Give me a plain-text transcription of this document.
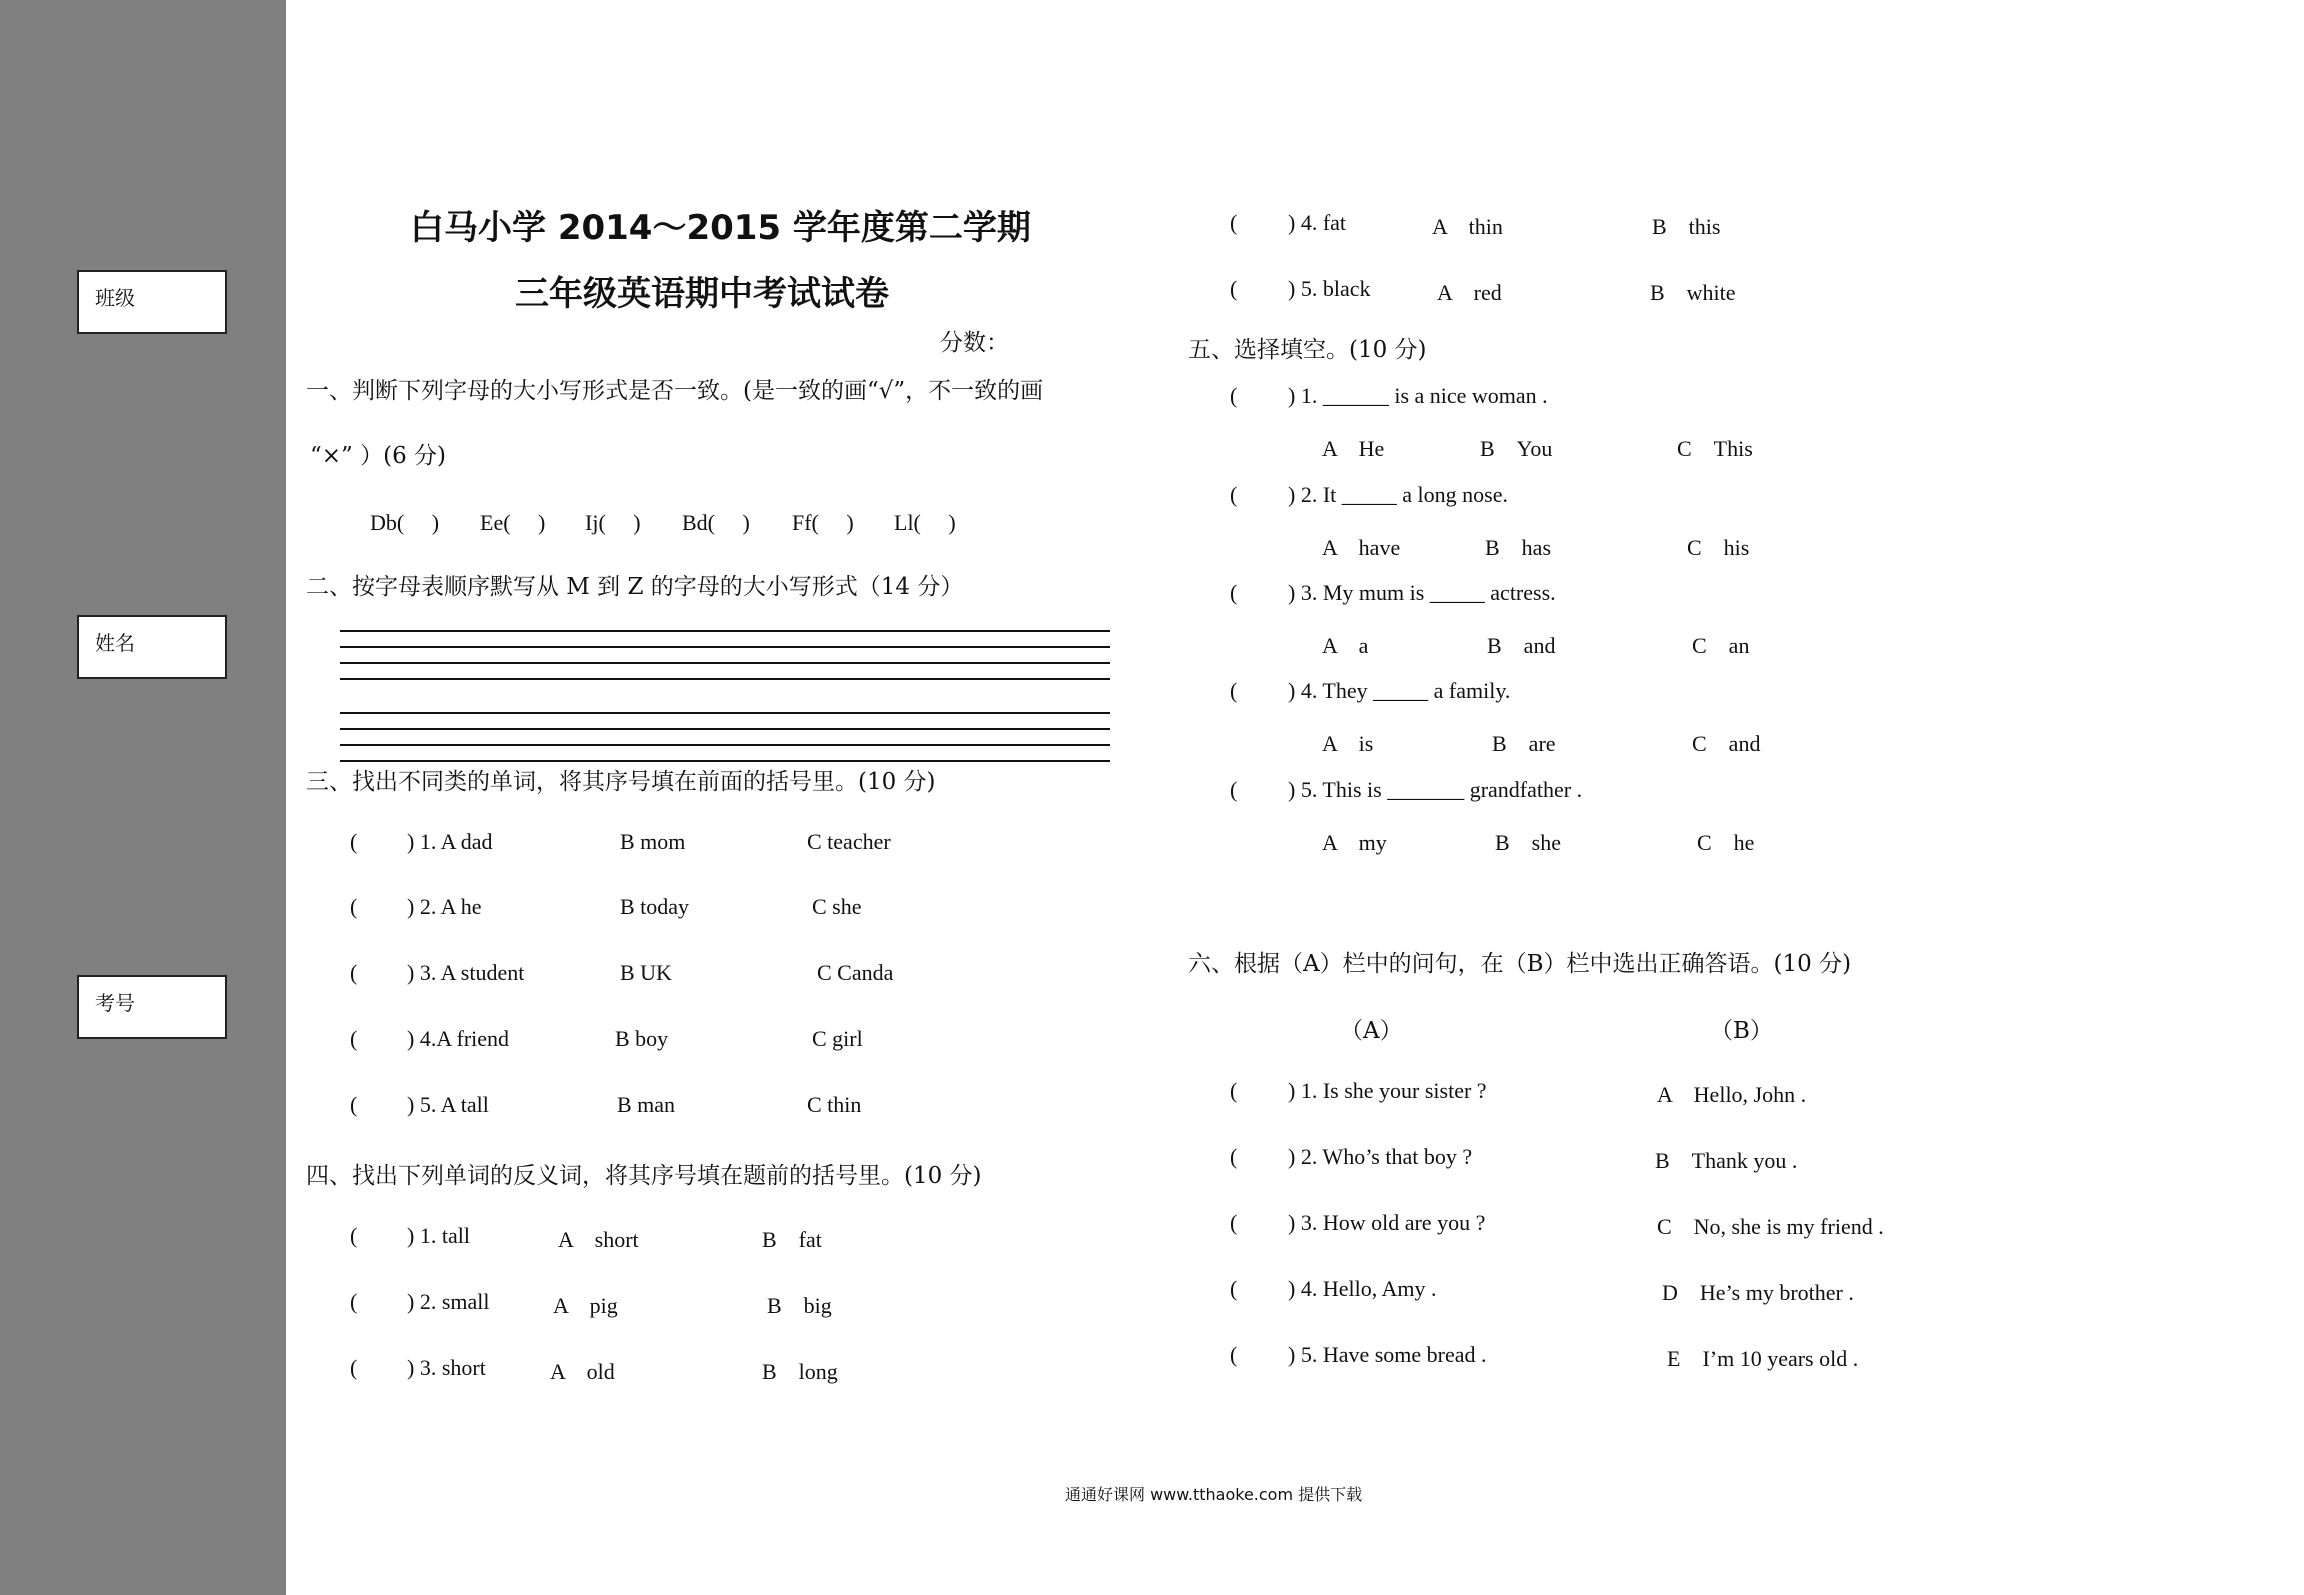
班级
姓名
考号
白马小学 2014～2015 学年度第二学期
三年级英语期中考试试卷
分数：
一、判断下列字母的大小写形式是否一致。(是一致的画“√”，不一致的画
“×” ）(6 分)
Db(　 ) Ee(　 ) Ij(　 ) Bd(　 ) Ff(　 ) Ll(　 )
二、按字母表顺序默写从 M 到 Z 的字母的大小写形式（14 分）
三、找出不同类的单词，将其序号填在前面的括号里。(10 分)
( ) 1. A dad	B mom	C teacher
( ) 2. A he	B today	C she
( ) 3. A student	B UK	C Canda
( ) 4.A friend	B boy	C girl
( ) 5. A tall	B man	C thin
四、找出下列单词的反义词，将其序号填在题前的括号里。(10 分)
( ) 1. tall	A　short	B　fat
( ) 2. small	A　pig	B　big
( ) 3. short	A　old	B　long
( ) 4. fat	A　thin	B　this
( ) 5. black	A　red	B　white
五、选择填空。(10 分)
( ) 1. ______ is a nice woman .
A　He	B　You	C　This
( ) 2. It _____ a long nose.
A　have	B　has	C　his
( ) 3. My mum is _____ actress.
A　a	B　and	C　an
( ) 4. They _____ a family.
A　is	B　are	C　and
( ) 5. This is _______ grandfather .
A　my	B　she	C　he
六、根据（A）栏中的问句，在（B）栏中选出正确答语。(10 分)
（A）	（B）
( ) 1. Is she your sister ?	A　Hello, John .
( ) 2. Who’s that boy ?	B　Thank you .
( ) 3. How old are you ?	C　No, she is my friend .
( ) 4. Hello, Amy .	D　He’s my brother .
( ) 5. Have some bread .	E　I’m 10 years old .
通通好课网 www.tthaoke.com 提供下载
